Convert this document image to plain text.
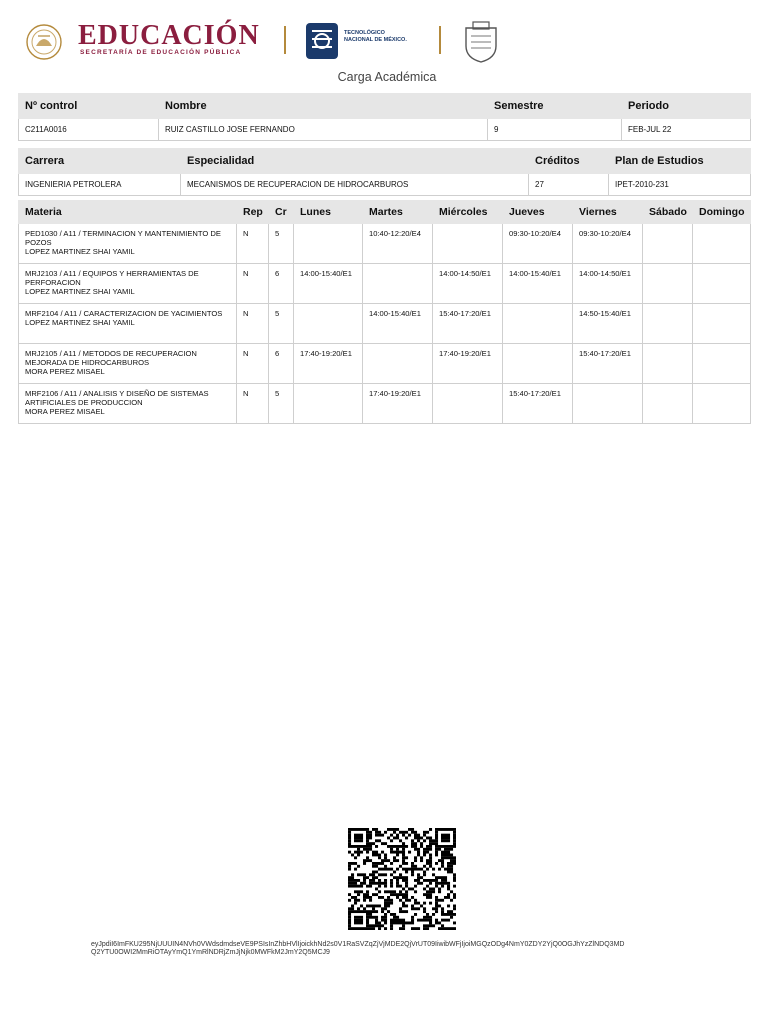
EDUCACIÓN
SECRETARÍA DE EDUCACIÓN PÚBLICA
TECNOLÓGICO
NACIONAL DE MÉXICO.
Carga Académica
Nº control	Nombre	Semestre	Periodo
C211A0016	RUIZ CASTILLO JOSE FERNANDO	9	FEB-JUL 22
Carrera	Especialidad	Créditos	Plan de Estudios
INGENIERIA PETROLERA	MECANISMOS DE RECUPERACION DE HIDROCARBUROS	27	IPET-2010-231
Materia	Rep	Cr	Lunes	Martes	Miércoles	Jueves	Viernes	Sábado	Domingo

PED1030 / A11 / TERMINACION Y MANTENIMIENTO DE POZOS
LOPEZ MARTINEZ SHAI YAMIL	N	5		10:40-12:20/E4		09:30-10:20/E4	09:30-10:20/E4		

MRJ2103 / A11 / EQUIPOS Y HERRAMIENTAS DE PERFORACION
LOPEZ MARTINEZ SHAI YAMIL	N	6	14:00-15:40/E1		14:00-14:50/E1	14:00-15:40/E1	14:00-14:50/E1		

MRF2104 / A11 / CARACTERIZACION DE YACIMIENTOS
LOPEZ MARTINEZ SHAI YAMIL	N	5		14:00-15:40/E1	15:40-17:20/E1		14:50-15:40/E1		

MRJ2105 / A11 / METODOS DE RECUPERACION MEJORADA DE HIDROCARBUROS
MORA PEREZ MISAEL	N	6	17:40-19:20/E1		17:40-19:20/E1		15:40-17:20/E1		

MRF2106 / A11 / ANALISIS Y DISEÑO DE SISTEMAS ARTIFICIALES DE PRODUCCION
MORA PEREZ MISAEL	N	5		17:40-19:20/E1		15:40-17:20/E1			
eyJpdiI6ImFKU295NjUUUIN4NVh0VWdsdmdseVE9PSIsInZhbHVlIjoickhNd2s0V1RaSVZqZjVjMDE2QjVrUT09IiwibWFjIjoiMGQzODg4NmY0ZDY2YjQ0OGJhYzZlNDQ3MD
Q2YTU0OWI2MmRiOTAyYmQ1YmRlNDRjZmJjNjk0MWFkM2JmY2Q5MCJ9
